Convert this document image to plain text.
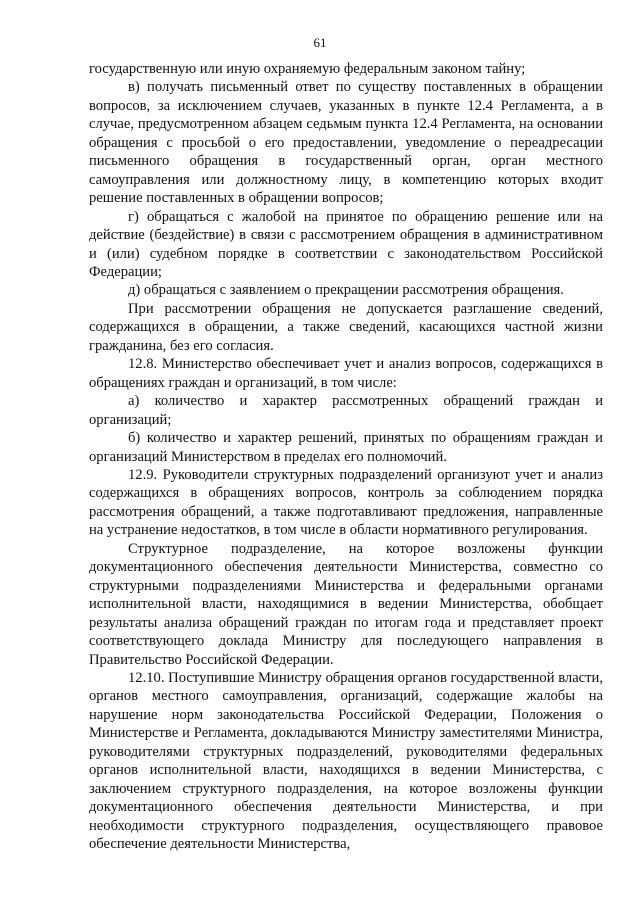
61

государственную или иную охраняемую федеральным законом тайну;

в) получать письменный ответ по существу поставленных в обращении вопросов, за исключением случаев, указанных в пункте 12.4 Регламента, а в случае, предусмотренном абзацем седьмым пункта 12.4 Регламента, на основании обращения с просьбой о его предоставлении, уведомление о переадресации письменного обращения в государственный орган, орган местного самоуправления или должностному лицу, в компетенцию которых входит решение поставленных в обращении вопросов;

г) обращаться с жалобой на принятое по обращению решение или на действие (бездействие) в связи с рассмотрением обращения в административном и (или) судебном порядке в соответствии с законодательством Российской Федерации;

д) обращаться с заявлением о прекращении рассмотрения обращения.

При рассмотрении обращения не допускается разглашение сведений, содержащихся в обращении, а также сведений, касающихся частной жизни гражданина, без его согласия.

12.8. Министерство обеспечивает учет и анализ вопросов, содержащихся в обращениях граждан и организаций, в том числе:

а) количество и характер рассмотренных обращений граждан и организаций;

б) количество и характер решений, принятых по обращениям граждан и организаций Министерством в пределах его полномочий.

12.9. Руководители структурных подразделений организуют учет и анализ содержащихся в обращениях вопросов, контроль за соблюдением порядка рассмотрения обращений, а также подготавливают предложения, направленные на устранение недостатков, в том числе в области нормативного регулирования.

Структурное подразделение, на которое возложены функции документационного обеспечения деятельности Министерства, совместно со структурными подразделениями Министерства и федеральными органами исполнительной власти, находящимися в ведении Министерства, обобщает результаты анализа обращений граждан по итогам года и представляет проект соответствующего доклада Министру для последующего направления в Правительство Российской Федерации.

12.10. Поступившие Министру обращения органов государственной власти, органов местного самоуправления, организаций, содержащие жалобы на нарушение норм законодательства Российской Федерации, Положения о Министерстве и Регламента, докладываются Министру заместителями Министра, руководителями структурных подразделений, руководителями федеральных органов исполнительной власти, находящихся в ведении Министерства, с заключением структурного подразделения, на которое возложены функции документационного обеспечения деятельности Министерства, и при необходимости структурного подразделения, осуществляющего правовое обеспечение деятельности Министерства,
